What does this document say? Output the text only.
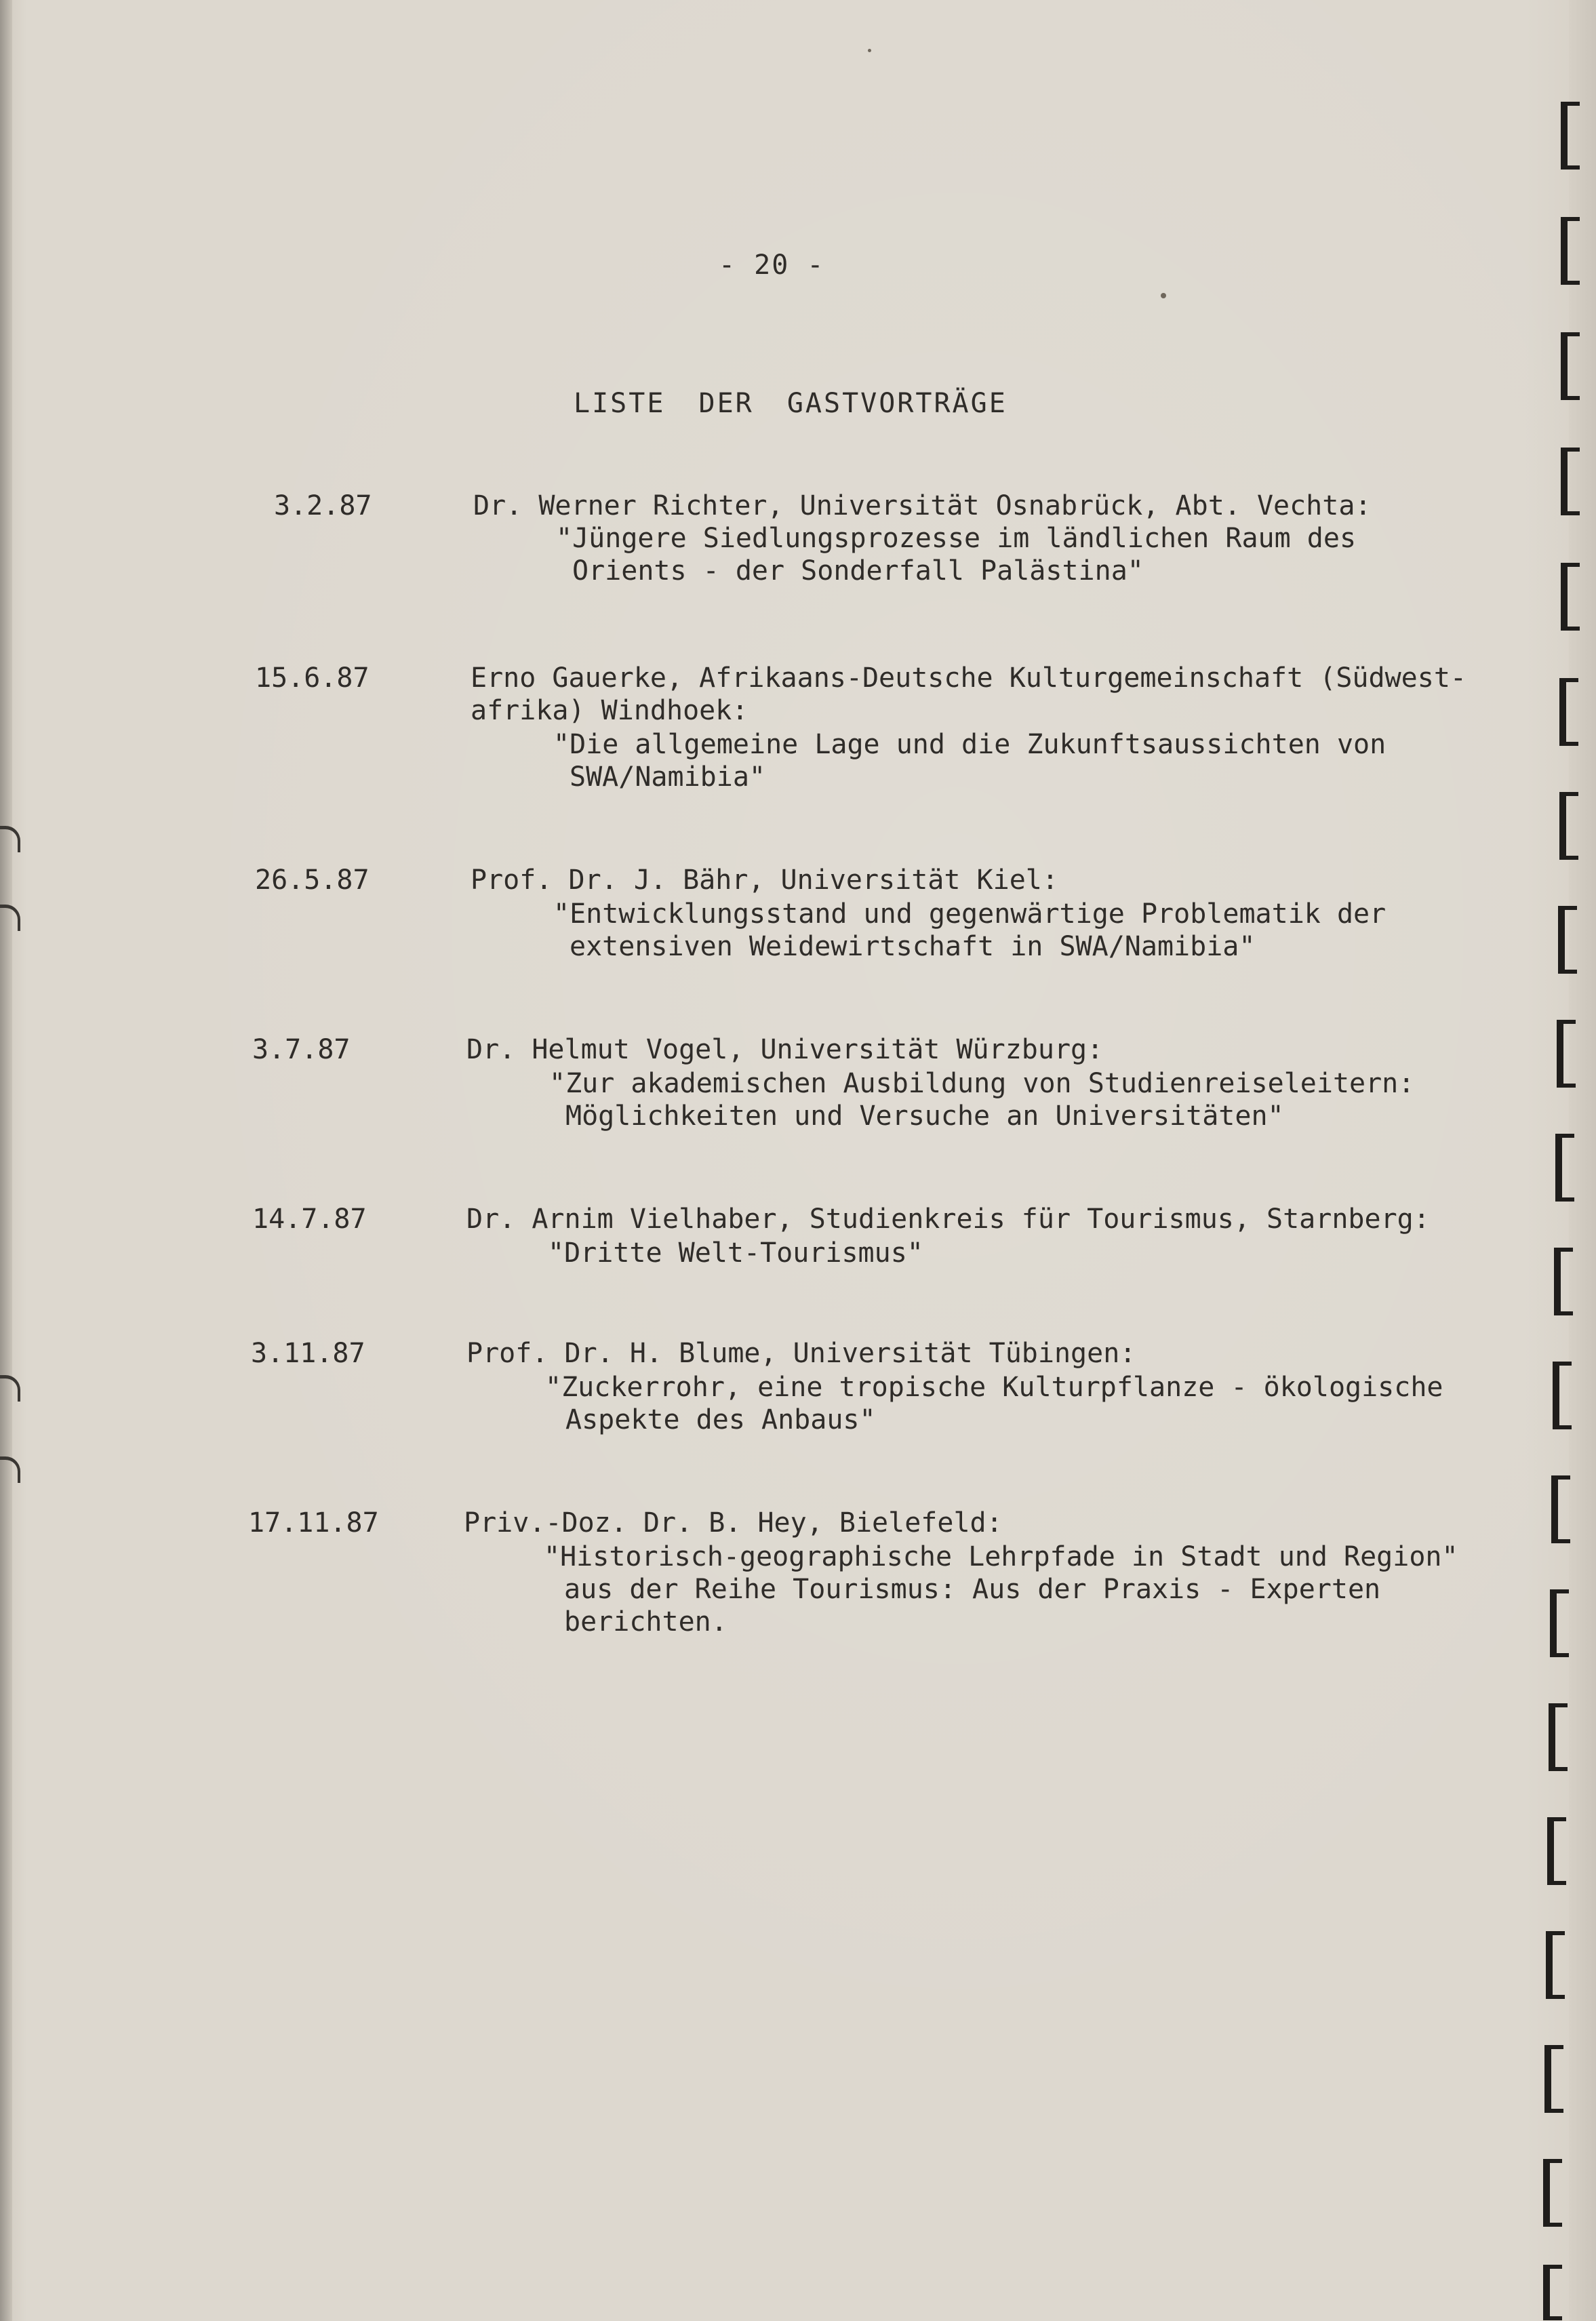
- 20 -
LISTE DER GASTVORTRÄGE
3.2.87	Dr. Werner Richter, Universität Osnabrück, Abt. Vechta:
"Jüngere Siedlungsprozesse im ländlichen Raum des
Orients - der Sonderfall Palästina"
15.6.87	Erno Gauerke, Afrikaans-Deutsche Kulturgemeinschaft (Südwest-
afrika) Windhoek:
"Die allgemeine Lage und die Zukunftsaussichten von
SWA/Namibia"
26.5.87	Prof. Dr. J. Bähr, Universität Kiel:
"Entwicklungsstand und gegenwärtige Problematik der
extensiven Weidewirtschaft in SWA/Namibia"
3.7.87	Dr. Helmut Vogel, Universität Würzburg:
"Zur akademischen Ausbildung von Studienreiseleitern:
Möglichkeiten und Versuche an Universitäten"
14.7.87	Dr. Arnim Vielhaber, Studienkreis für Tourismus, Starnberg:
"Dritte Welt-Tourismus"
3.11.87	Prof. Dr. H. Blume, Universität Tübingen:
"Zuckerrohr, eine tropische Kulturpflanze - ökologische
Aspekte des Anbaus"
17.11.87	Priv.-Doz. Dr. B. Hey, Bielefeld:
"Historisch-geographische Lehrpfade in Stadt und Region"
aus der Reihe Tourismus: Aus der Praxis - Experten
berichten.
